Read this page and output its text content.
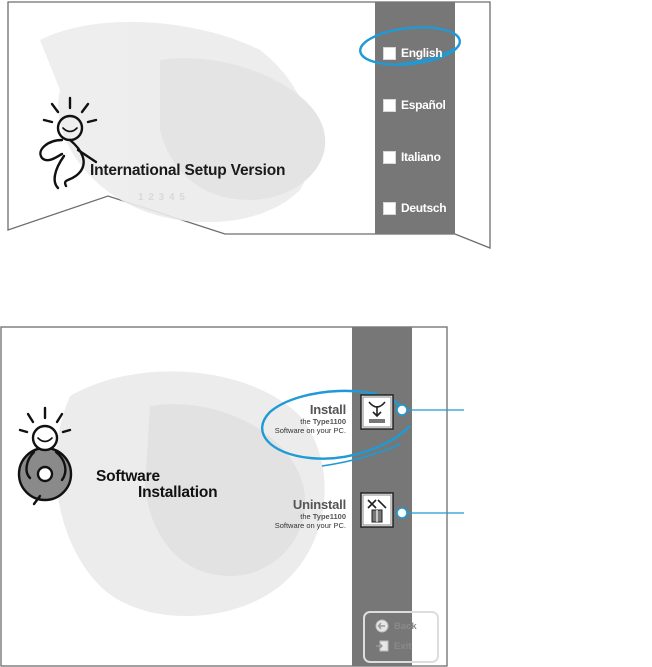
International Setup Version
1 2 3 4 5
English
Español
Italiano
Deutsch
Software
Installation
Install
the Type1100
Software on your PC.
Uninstall
the Type1100
Software on your PC.
Back
Exit
